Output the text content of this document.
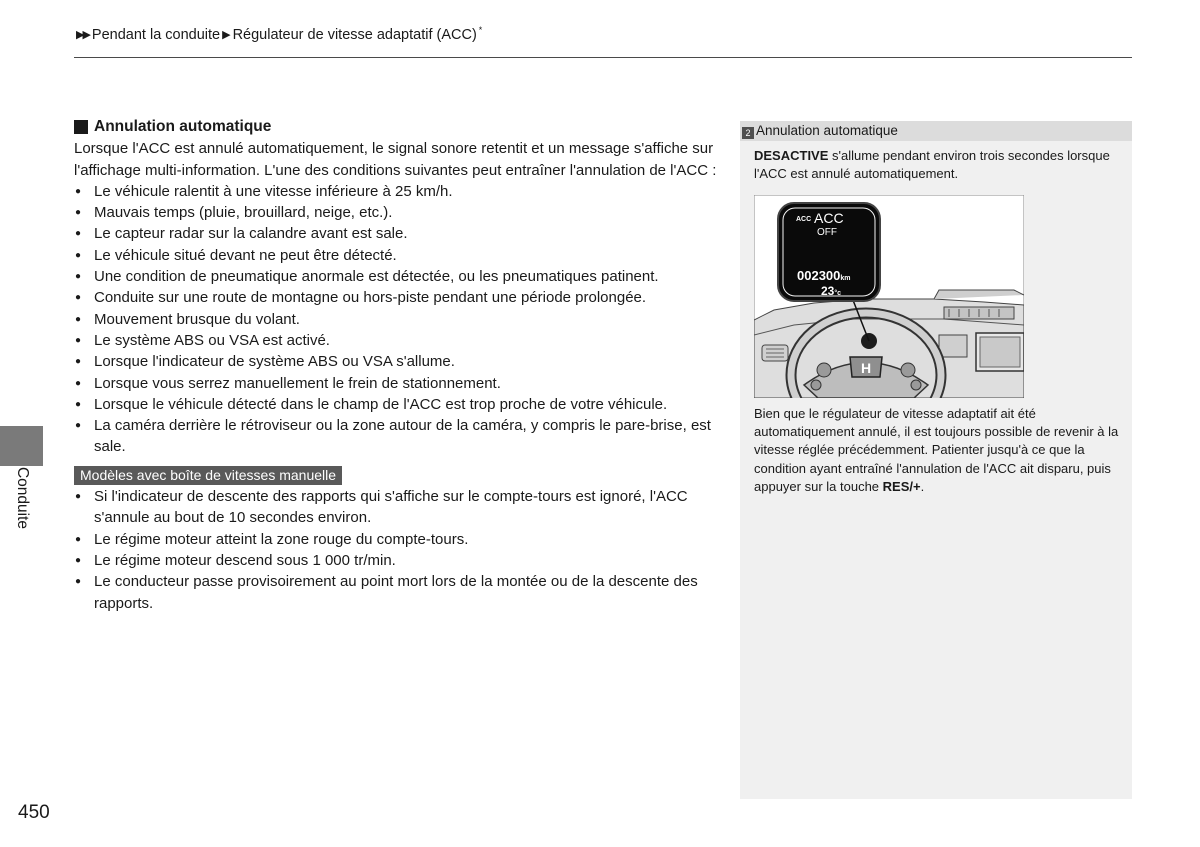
▶▶ Pendant la conduite ▶ Régulateur de vitesse adaptatif (ACC) *
Conduite
Annulation automatique

Lorsque l'ACC est annulé automatiquement, le signal sonore retentit et un message s'affiche sur l'affichage multi-information. L'une des conditions suivantes peut entraîner l'annulation de l'ACC :

● Le véhicule ralentit à une vitesse inférieure à 25 km/h.
● Mauvais temps (pluie, brouillard, neige, etc.).
● Le capteur radar sur la calandre avant est sale.
● Le véhicule situé devant ne peut être détecté.
● Une condition de pneumatique anormale est détectée, ou les pneumatiques patinent.
● Conduite sur une route de montagne ou hors-piste pendant une période prolongée.
● Mouvement brusque du volant.
● Le système ABS ou VSA est activé.
● Lorsque l'indicateur de système ABS ou VSA s'allume.
● Lorsque vous serrez manuellement le frein de stationnement.
● Lorsque le véhicule détecté dans le champ de l'ACC est trop proche de votre véhicule.
● La caméra derrière le rétroviseur ou la zone autour de la caméra, y compris le pare-brise, est sale.
Modèles avec boîte de vitesses manuelle
● Si l'indicateur de descente des rapports qui s'affiche sur le compte-tours est ignoré, l'ACC s'annule au bout de 10 secondes environ.
● Le régime moteur atteint la zone rouge du compte-tours.
● Le régime moteur descend sous 1 000 tr/min.
● Le conducteur passe provisoirement au point mort lors de la montée ou de la descente des rapports.
2 Annulation automatique

DESACTIVE s'allume pendant environ trois secondes lorsque l'ACC est annulé automatiquement.

H
ACC ACC
OFF
002300km
23°c

Bien que le régulateur de vitesse adaptatif ait été automatiquement annulé, il est toujours possible de revenir à la vitesse réglée précédemment. Patienter jusqu'à ce que la condition ayant entraîné l'annulation de l'ACC ait disparu, puis appuyer sur la touche RES/+.

450
